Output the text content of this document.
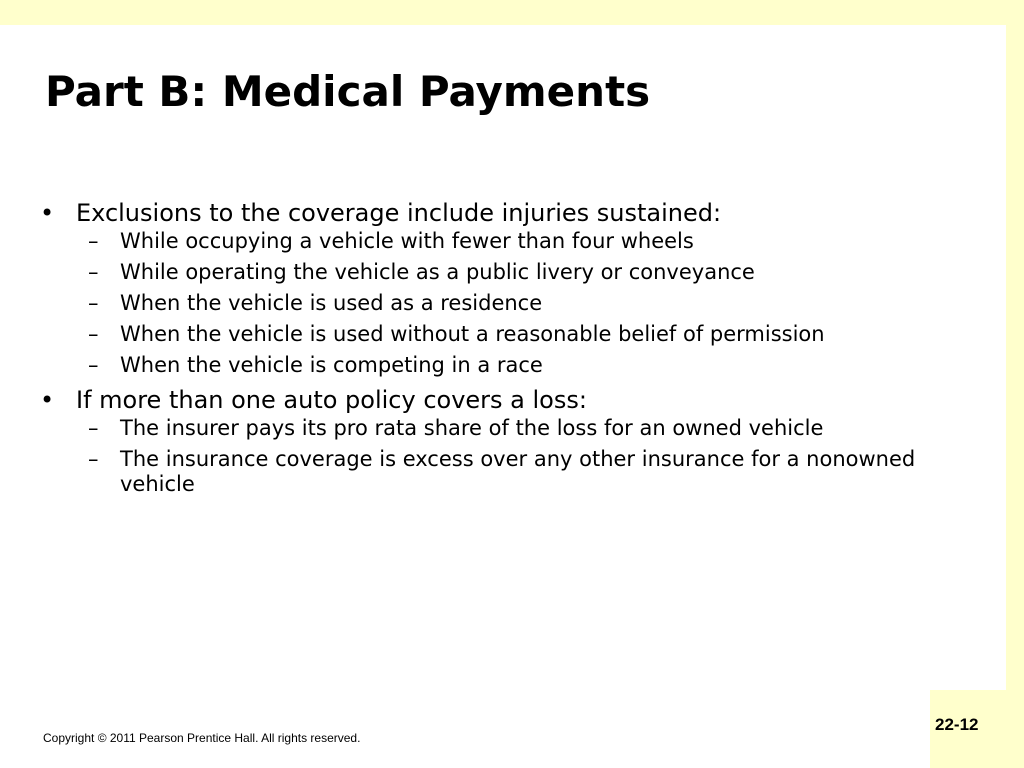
Part B: Medical Payments

• Exclusions to the coverage include injuries sustained:

– While occupying a vehicle with fewer than four wheels
– While operating the vehicle as a public livery or conveyance
– When the vehicle is used as a residence
– When the vehicle is used without a reasonable belief of permission
– When the vehicle is competing in a race

• If more than one auto policy covers a loss:

– The insurer pays its pro rata share of the loss for an owned vehicle
– The insurance coverage is excess over any other insurance for a nonowned vehicle
Copyright © 2011 Pearson Prentice Hall. All rights reserved.
22-12
